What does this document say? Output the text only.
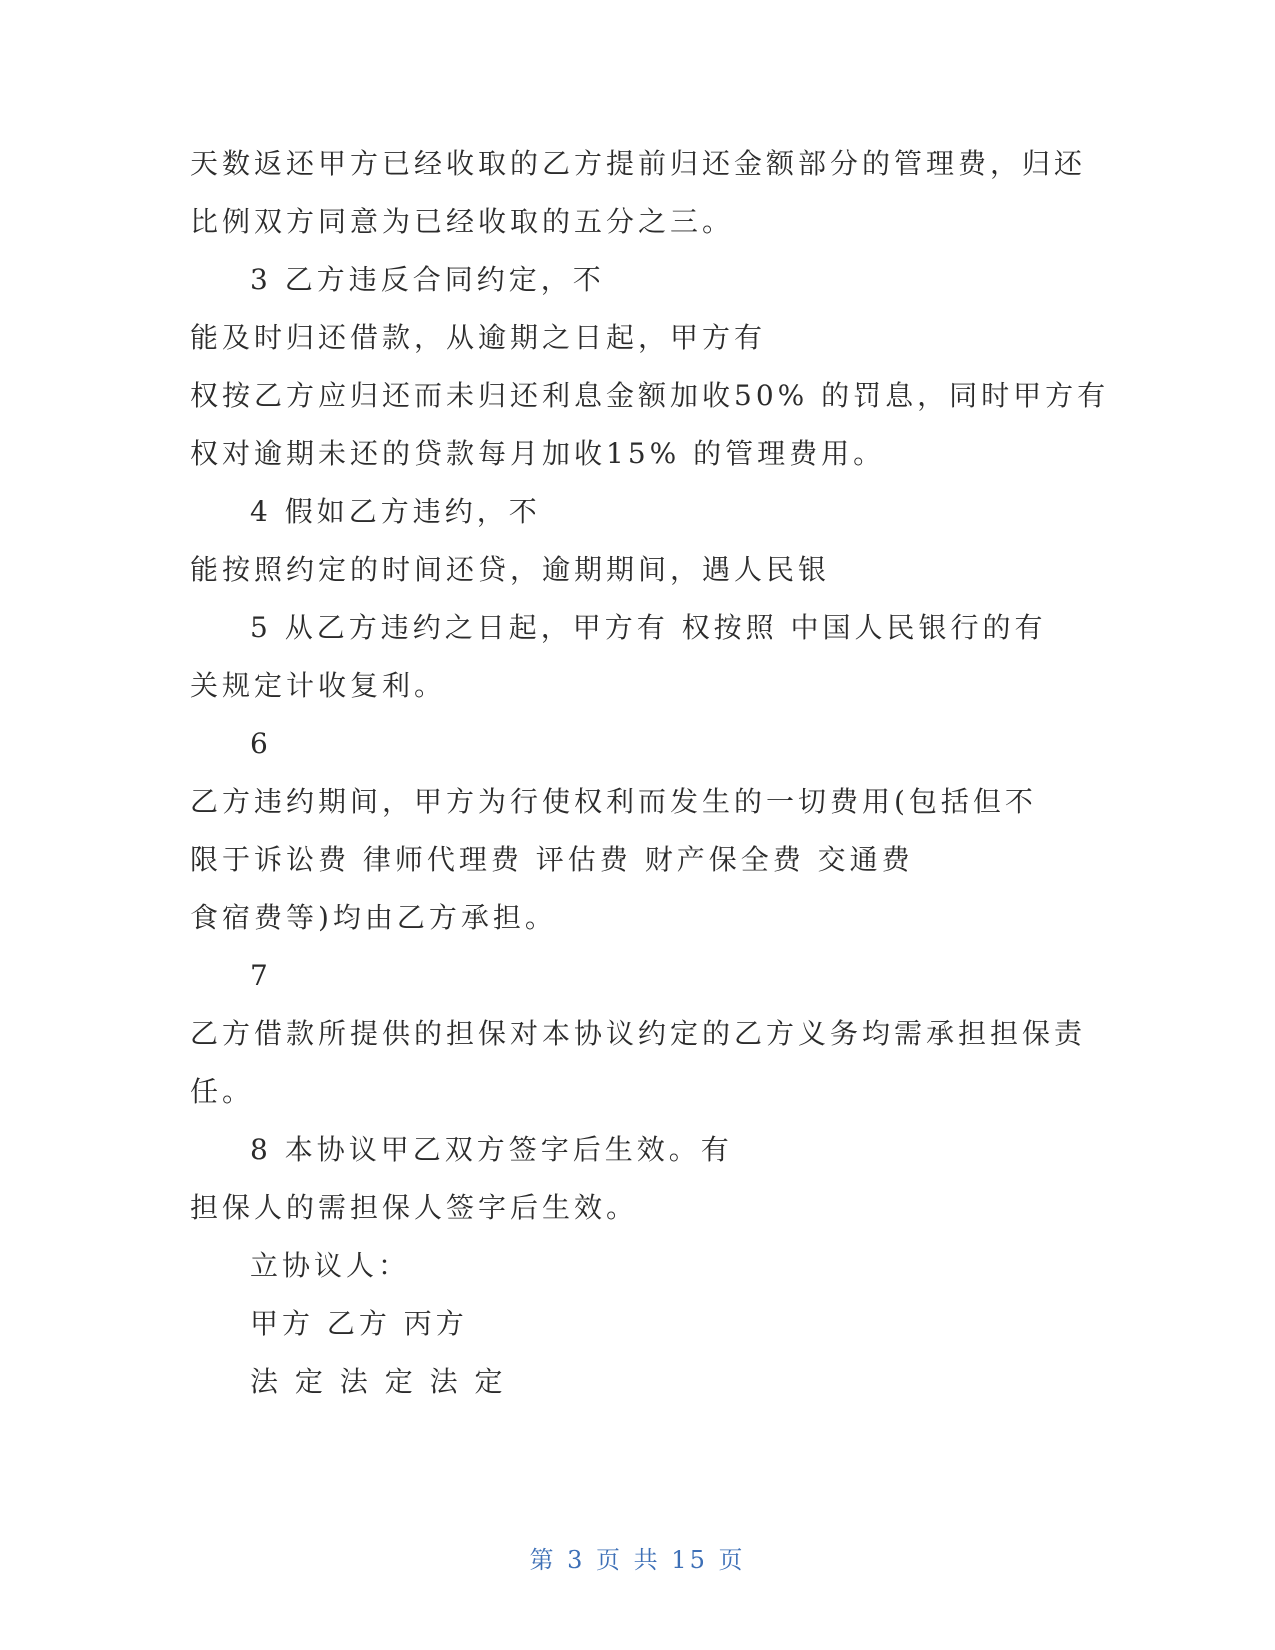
天数返还甲方已经收取的乙方提前归还金额部分的管理费，归还
比例双方同意为已经收取的五分之三。
3 乙方违反合同约定，不
能及时归还借款，从逾期之日起，甲方有
权按乙方应归还而未归还利息金额加收50% 的罚息，同时甲方有
权对逾期未还的贷款每月加收15% 的管理费用。
4 假如乙方违约，不
能按照约定的时间还贷，逾期期间，遇人民银
5 从乙方违约之日起，甲方有 权按照 中国人民银行的有
关规定计收复利。
6
乙方违约期间，甲方为行使权利而发生的一切费用(包括但不
限于诉讼费 律师代理费 评估费 财产保全费 交通费
食宿费等)均由乙方承担。
7
乙方借款所提供的担保对本协议约定的乙方义务均需承担担保责
任。
8 本协议甲乙双方签字后生效。有
担保人的需担保人签字后生效。
立协议人：
甲方 乙方 丙方
法 定 法 定 法 定
第 3 页 共 15 页
